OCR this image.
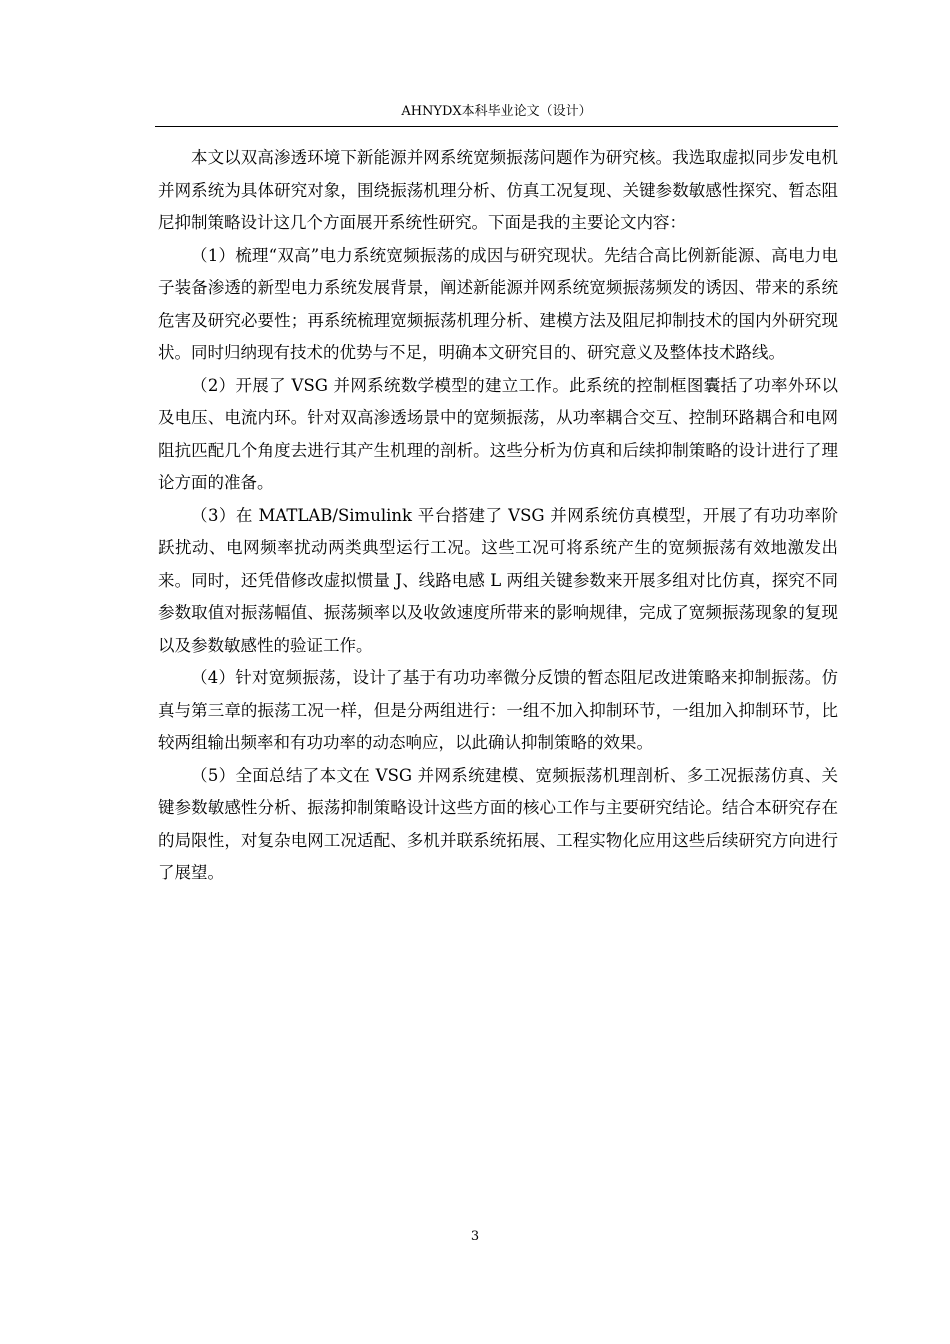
AHNYDX本科毕业论文（设计）

本文以双高渗透环境下新能源并网系统宽频振荡问题作为研究核。我选取虚拟同步发电机并网系统为具体研究对象，围绕振荡机理分析、仿真工况复现、关键参数敏感性探究、暂态阻尼抑制策略设计这几个方面展开系统性研究。下面是我的主要论文内容：

（1）梳理“双高”电力系统宽频振荡的成因与研究现状。先结合高比例新能源、高电力电子装备渗透的新型电力系统发展背景，阐述新能源并网系统宽频振荡频发的诱因、带来的系统危害及研究必要性；再系统梳理宽频振荡机理分析、建模方法及阻尼抑制技术的国内外研究现状。同时归纳现有技术的优势与不足，明确本文研究目的、研究意义及整体技术路线。

（2）开展了 VSG 并网系统数学模型的建立工作。此系统的控制框图囊括了功率外环以及电压、电流内环。针对双高渗透场景中的宽频振荡，从功率耦合交互、控制环路耦合和电网阻抗匹配几个角度去进行其产生机理的剖析。这些分析为仿真和后续抑制策略的设计进行了理论方面的准备。

（3）在 MATLAB/Simulink 平台搭建了 VSG 并网系统仿真模型，开展了有功功率阶跃扰动、电网频率扰动两类典型运行工况。这些工况可将系统产生的宽频振荡有效地激发出来。同时，还凭借修改虚拟惯量 J、线路电感 L 两组关键参数来开展多组对比仿真，探究不同参数取值对振荡幅值、振荡频率以及收敛速度所带来的影响规律，完成了宽频振荡现象的复现以及参数敏感性的验证工作。

（4）针对宽频振荡，设计了基于有功功率微分反馈的暂态阻尼改进策略来抑制振荡。仿真与第三章的振荡工况一样，但是分两组进行：一组不加入抑制环节，一组加入抑制环节，比较两组输出频率和有功功率的动态响应，以此确认抑制策略的效果。

（5）全面总结了本文在 VSG 并网系统建模、宽频振荡机理剖析、多工况振荡仿真、关键参数敏感性分析、振荡抑制策略设计这些方面的核心工作与主要研究结论。结合本研究存在的局限性，对复杂电网工况适配、多机并联系统拓展、工程实物化应用这些后续研究方向进行了展望。

3
